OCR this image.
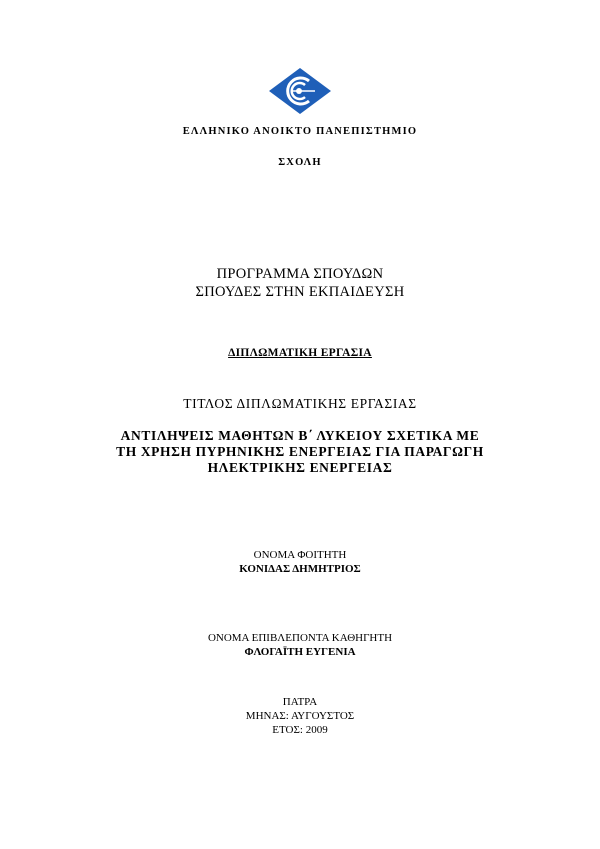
ΕΛΛΗΝΙΚΟ ΑΝΟΙΚΤΟ ΠΑΝΕΠΙΣΤΗΜΙΟ
ΣΧΟΛΗ
ΠΡΟΓΡΑΜΜΑ ΣΠΟΥΔΩΝ
ΣΠΟΥΔΕΣ ΣΤΗΝ ΕΚΠΑΙΔΕΥΣΗ
ΔΙΠΛΩΜΑΤΙΚΗ ΕΡΓΑΣΙΑ
ΤΙΤΛΟΣ ΔΙΠΛΩΜΑΤΙΚΗΣ ΕΡΓΑΣΙΑΣ
ΑΝΤΙΛΗΨΕΙΣ ΜΑΘΗΤΩΝ Β΄ ΛΥΚΕΙΟΥ ΣΧΕΤΙΚΑ ΜΕ
ΤΗ ΧΡΗΣΗ ΠΥΡΗΝΙΚΗΣ ΕΝΕΡΓΕΙΑΣ ΓΙΑ ΠΑΡΑΓΩΓΗ
ΗΛΕΚΤΡΙΚΗΣ ΕΝΕΡΓΕΙΑΣ
ΟΝΟΜΑ ΦΟΙΤΗΤΗ
ΚΟΝΙΔΑΣ ΔΗΜΗΤΡΙΟΣ
ΟΝΟΜΑ ΕΠΙΒΛΕΠΟΝΤΑ ΚΑΘΗΓΗΤΗ
ΦΛΟΓΑΪΤΗ ΕΥΓΕΝΙΑ
ΠΑΤΡΑ
ΜΗΝΑΣ: ΑΥΓΟΥΣΤΟΣ
ΕΤΟΣ: 2009
